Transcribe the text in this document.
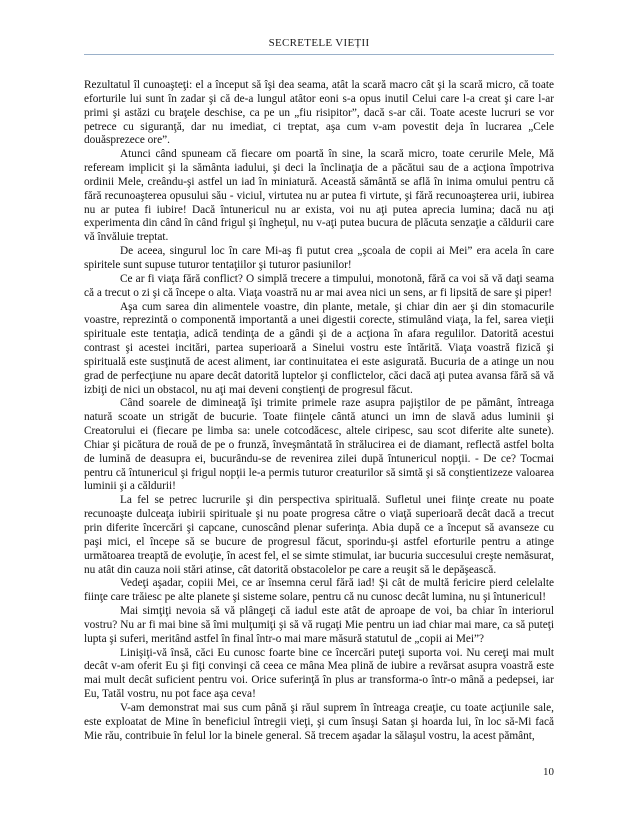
SECRETELE VIEȚII

Rezultatul îl cunoaşteţi: el a început să îşi dea seama, atât la scară macro cât şi la scară micro, că toate eforturile lui sunt în zadar şi că de-a lungul atâtor eoni s-a opus inutil Celui care l-a creat şi care l-ar primi şi astăzi cu braţele deschise, ca pe un „fiu risipitor”, dacă s-ar căi. Toate aceste lucruri se vor petrece cu siguranţă, dar nu imediat, ci treptat, aşa cum v-am povestit deja în lucrarea „Cele douăsprezece ore”.

Atunci când spuneam că fiecare om poartă în sine, la scară micro, toate cerurile Mele, Mă refeream implicit şi la sământa iadului, şi deci la înclinaţia de a păcătui sau de a acţiona împotriva ordinii Mele, creându-şi astfel un iad în miniatură. Această sământă se află în inima omului pentru că fără recunoaşterea opusului său - viciul, virtutea nu ar putea fi virtute, şi fără recunoaşterea urii, iubirea nu ar putea fi iubire! Dacă întunericul nu ar exista, voi nu aţi putea aprecia lumina; dacă nu aţi experimenta din când în când frigul şi îngheţul, nu v-aţi putea bucura de plăcuta senzaţie a căldurii care vă învăluie treptat.

De aceea, singurul loc în care Mi-aş fi putut crea „şcoala de copii ai Mei” era acela în care spiritele sunt supuse tuturor tentaţiilor şi tuturor pasiunilor!

Ce ar fi viaţa fără conflict? O simplă trecere a timpului, monotonă, fără ca voi să vă daţi seama că a trecut o zi şi că începe o alta. Viaţa voastră nu ar mai avea nici un sens, ar fi lipsită de sare şi piper!

Aşa cum sarea din alimentele voastre, din plante, metale, şi chiar din aer şi din stomacurile voastre, reprezintă o componentă importantă a unei digestii corecte, stimulând viaţa, la fel, sarea vieţii spirituale este tentaţia, adică tendinţa de a gândi şi de a acţiona în afara regulilor. Datorită acestui contrast şi acestei incitări, partea superioară a Sinelui vostru este întărită. Viaţa voastră fizică şi spirituală este susţinută de acest aliment, iar continuitatea ei este asigurată. Bucuria de a atinge un nou grad de perfecţiune nu apare decât datorită luptelor şi conflictelor, căci dacă aţi putea avansa fără să vă izbiţi de nici un obstacol, nu aţi mai deveni conştienţi de progresul făcut.

Când soarele de dimineaţă îşi trimite primele raze asupra pajiştilor de pe pământ, întreaga natură scoate un strigăt de bucurie. Toate fiinţele cântă atunci un imn de slavă adus luminii şi Creatorului ei (fiecare pe limba sa: unele cotcodăcesc, altele ciripesc, sau scot diferite alte sunete). Chiar şi picătura de rouă de pe o frunză, înveşmântată în strălucirea ei de diamant, reflectă astfel bolta de lumină de deasupra ei, bucurându-se de revenirea zilei după întunericul nopţii. - De ce? Tocmai pentru că întunericul şi frigul nopţii le-a permis tuturor creaturilor să simtă şi să conştientizeze valoarea luminii şi a căldurii!

La fel se petrec lucrurile şi din perspectiva spirituală. Sufletul unei fiinţe create nu poate recunoaşte dulceaţa iubirii spirituale şi nu poate progresa către o viaţă superioară decât dacă a trecut prin diferite încercări şi capcane, cunoscând plenar suferinţa. Abia după ce a început să avanseze cu paşi mici, el începe să se bucure de progresul făcut, sporindu-şi astfel eforturile pentru a atinge următoarea treaptă de evoluţie, în acest fel, el se simte stimulat, iar bucuria succesului creşte nemăsurat, nu atât din cauza noii stări atinse, cât datorită obstacolelor pe care a reuşit să le depăşească.

Vedeţi aşadar, copiii Mei, ce ar însemna cerul fără iad! Şi cât de multă fericire pierd celelalte fiinţe care trăiesc pe alte planete şi sisteme solare, pentru că nu cunosc decât lumina, nu şi întunericul!

Mai simţiţi nevoia să vă plângeţi că iadul este atât de aproape de voi, ba chiar în interiorul vostru? Nu ar fi mai bine să îmi mulţumiţi şi să vă rugaţi Mie pentru un iad chiar mai mare, ca să puteţi lupta şi suferi, meritând astfel în final într-o mai mare măsură statutul de „copii ai Mei”?

Linişiţi-vă însă, căci Eu cunosc foarte bine ce încercări puteţi suporta voi. Nu cereţi mai mult decât v-am oferit Eu şi fiţi convinşi că ceea ce mâna Mea plină de iubire a revărsat asupra voastră este mai mult decât suficient pentru voi. Orice suferinţă în plus ar transforma-o într-o mână a pedepsei, iar Eu, Tatăl vostru, nu pot face aşa ceva!

V-am demonstrat mai sus cum până şi răul suprem în întreaga creaţie, cu toate acţiunile sale, este exploatat de Mine în beneficiul întregii vieţi, şi cum însuşi Satan şi hoarda lui, în loc să-Mi facă Mie rău, contribuie în felul lor la binele general. Să trecem aşadar la sălaşul vostru, la acest pământ,

10
